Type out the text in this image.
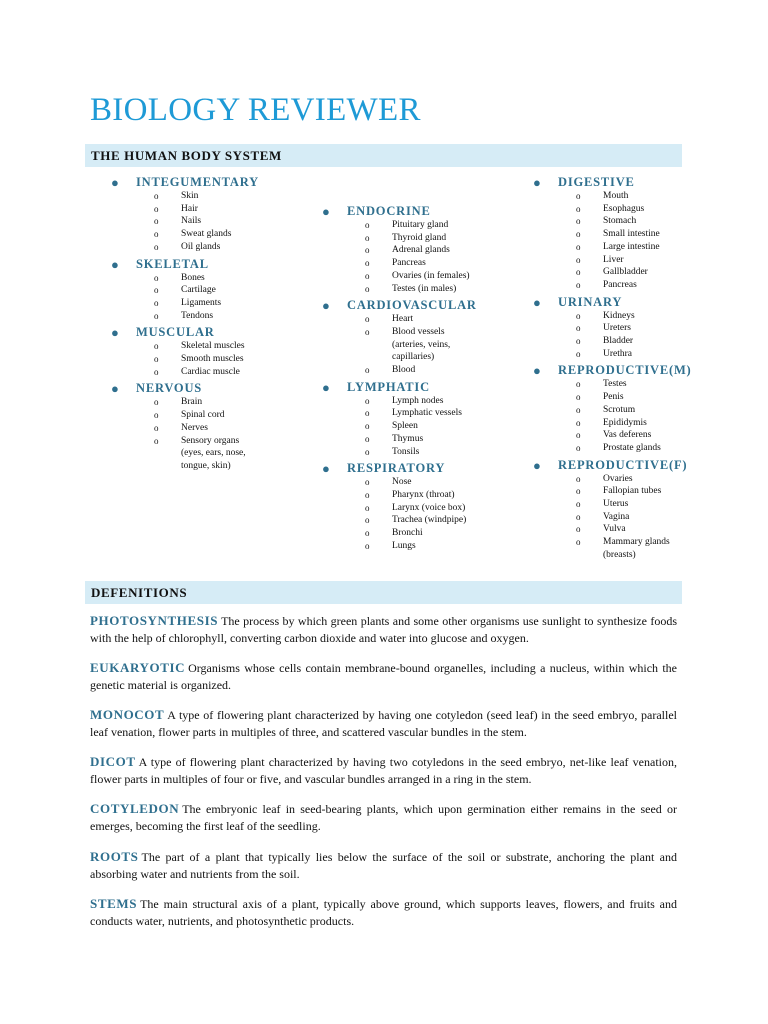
BIOLOGY REVIEWER
THE HUMAN BODY SYSTEM
● INTEGUMENTARY
o Skin
o Hair
o Nails
o Sweat glands
o Oil glands
● SKELETAL
o Bones
o Cartilage
o Ligaments
o Tendons
● MUSCULAR
o Skeletal muscles
o Smooth muscles
o Cardiac muscle
● NERVOUS
o Brain
o Spinal cord
o Nerves
o Sensory organs (eyes, ears, nose, tongue, skin)
● ENDOCRINE
o Pituitary gland
o Thyroid gland
o Adrenal glands
o Pancreas
o Ovaries (in females)
o Testes (in males)
● CARDIOVASCULAR
o Heart
o Blood vessels (arteries, veins, capillaries)
o Blood
● LYMPHATIC
o Lymph nodes
o Lymphatic vessels
o Spleen
o Thymus
o Tonsils
● RESPIRATORY
o Nose
o Pharynx (throat)
o Larynx (voice box)
o Trachea (windpipe)
o Bronchi
o Lungs
● DIGESTIVE
o Mouth
o Esophagus
o Stomach
o Small intestine
o Large intestine
o Liver
o Gallbladder
o Pancreas
● URINARY
o Kidneys
o Ureters
o Bladder
o Urethra
● REPRODUCTIVE(M)
o Testes
o Penis
o Scrotum
o Epididymis
o Vas deferens
o Prostate glands
● REPRODUCTIVE(F)
o Ovaries
o Fallopian tubes
o Uterus
o Vagina
o Vulva
o Mammary glands (breasts)
DEFENITIONS
PHOTOSYNTHESIS The process by which green plants and some other organisms use sunlight to synthesize foods with the help of chlorophyll, converting carbon dioxide and water into glucose and oxygen.
EUKARYOTIC Organisms whose cells contain membrane-bound organelles, including a nucleus, within which the genetic material is organized.
MONOCOT A type of flowering plant characterized by having one cotyledon (seed leaf) in the seed embryo, parallel leaf venation, flower parts in multiples of three, and scattered vascular bundles in the stem.
DICOT A type of flowering plant characterized by having two cotyledons in the seed embryo, net-like leaf venation, flower parts in multiples of four or five, and vascular bundles arranged in a ring in the stem.
COTYLEDON The embryonic leaf in seed-bearing plants, which upon germination either remains in the seed or emerges, becoming the first leaf of the seedling.
ROOTS The part of a plant that typically lies below the surface of the soil or substrate, anchoring the plant and absorbing water and nutrients from the soil.
STEMS The main structural axis of a plant, typically above ground, which supports leaves, flowers, and fruits and conducts water, nutrients, and photosynthetic products.
